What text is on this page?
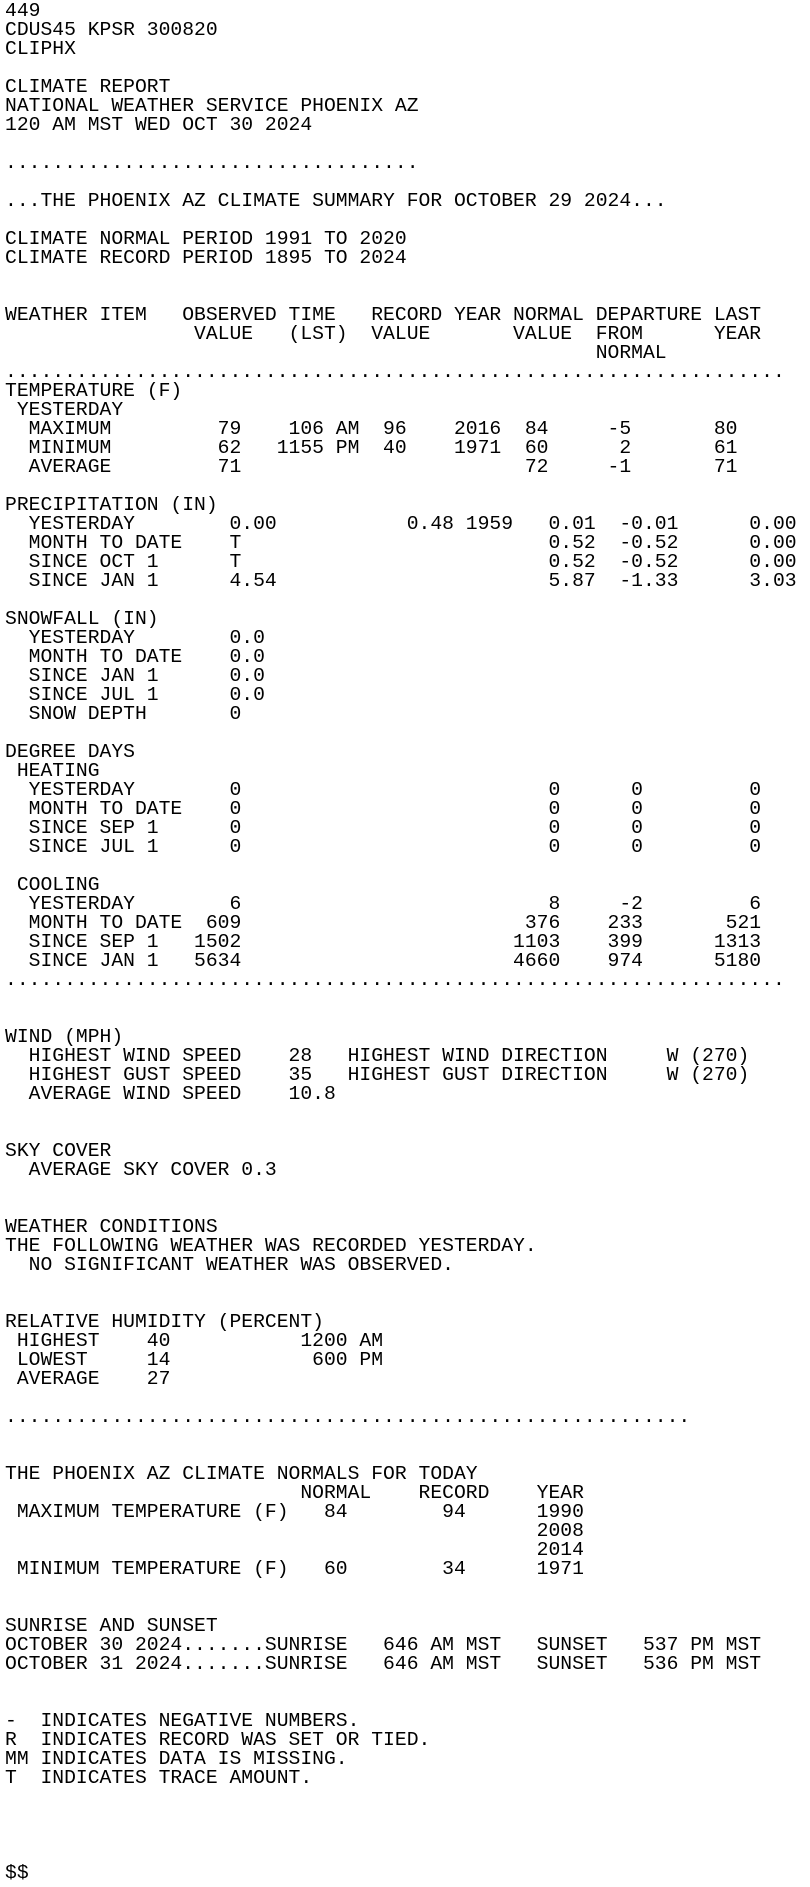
449
CDUS45 KPSR 300820
CLIPHX
CLIMATE REPORT
NATIONAL WEATHER SERVICE PHOENIX AZ
120 AM MST WED OCT 30 2024
...................................
...THE PHOENIX AZ CLIMATE SUMMARY FOR OCTOBER 29 2024...
CLIMATE NORMAL PERIOD 1991 TO 2020
CLIMATE RECORD PERIOD 1895 TO 2024
WEATHER ITEM   OBSERVED TIME   RECORD YEAR NORMAL DEPARTURE LAST
VALUE   (LST)  VALUE       VALUE  FROM      YEAR
NORMAL
..................................................................
TEMPERATURE (F)
YESTERDAY
MAXIMUM         79    106 AM  96    2016  84     -5       80
MINIMUM         62   1155 PM  40    1971  60      2       61
AVERAGE         71                        72     -1       71
PRECIPITATION (IN)
YESTERDAY        0.00           0.48 1959   0.01  -0.01      0.00
MONTH TO DATE    T                          0.52  -0.52      0.00
SINCE OCT 1      T                          0.52  -0.52      0.00
SINCE JAN 1      4.54                       5.87  -1.33      3.03
SNOWFALL (IN)
YESTERDAY        0.0
MONTH TO DATE    0.0
SINCE JAN 1      0.0
SINCE JUL 1      0.0
SNOW DEPTH       0
DEGREE DAYS
HEATING
YESTERDAY        0                          0      0         0
MONTH TO DATE    0                          0      0         0
SINCE SEP 1      0                          0      0         0
SINCE JUL 1      0                          0      0         0
COOLING
YESTERDAY        6                          8     -2         6
MONTH TO DATE  609                        376    233       521
SINCE SEP 1   1502                       1103    399      1313
SINCE JAN 1   5634                       4660    974      5180
..................................................................
WIND (MPH)
HIGHEST WIND SPEED    28   HIGHEST WIND DIRECTION     W (270)
HIGHEST GUST SPEED    35   HIGHEST GUST DIRECTION     W (270)
AVERAGE WIND SPEED    10.8
SKY COVER
AVERAGE SKY COVER 0.3
WEATHER CONDITIONS
THE FOLLOWING WEATHER WAS RECORDED YESTERDAY.
NO SIGNIFICANT WEATHER WAS OBSERVED.
RELATIVE HUMIDITY (PERCENT)
HIGHEST    40           1200 AM
LOWEST     14            600 PM
AVERAGE    27
..........................................................
THE PHOENIX AZ CLIMATE NORMALS FOR TODAY
NORMAL    RECORD    YEAR
MAXIMUM TEMPERATURE (F)   84        94      1990
2008
2014
MINIMUM TEMPERATURE (F)   60        34      1971
SUNRISE AND SUNSET
OCTOBER 30 2024.......SUNRISE   646 AM MST   SUNSET   537 PM MST
OCTOBER 31 2024.......SUNRISE   646 AM MST   SUNSET   536 PM MST
-  INDICATES NEGATIVE NUMBERS.
R  INDICATES RECORD WAS SET OR TIED.
MM INDICATES DATA IS MISSING.
T  INDICATES TRACE AMOUNT.
$$
